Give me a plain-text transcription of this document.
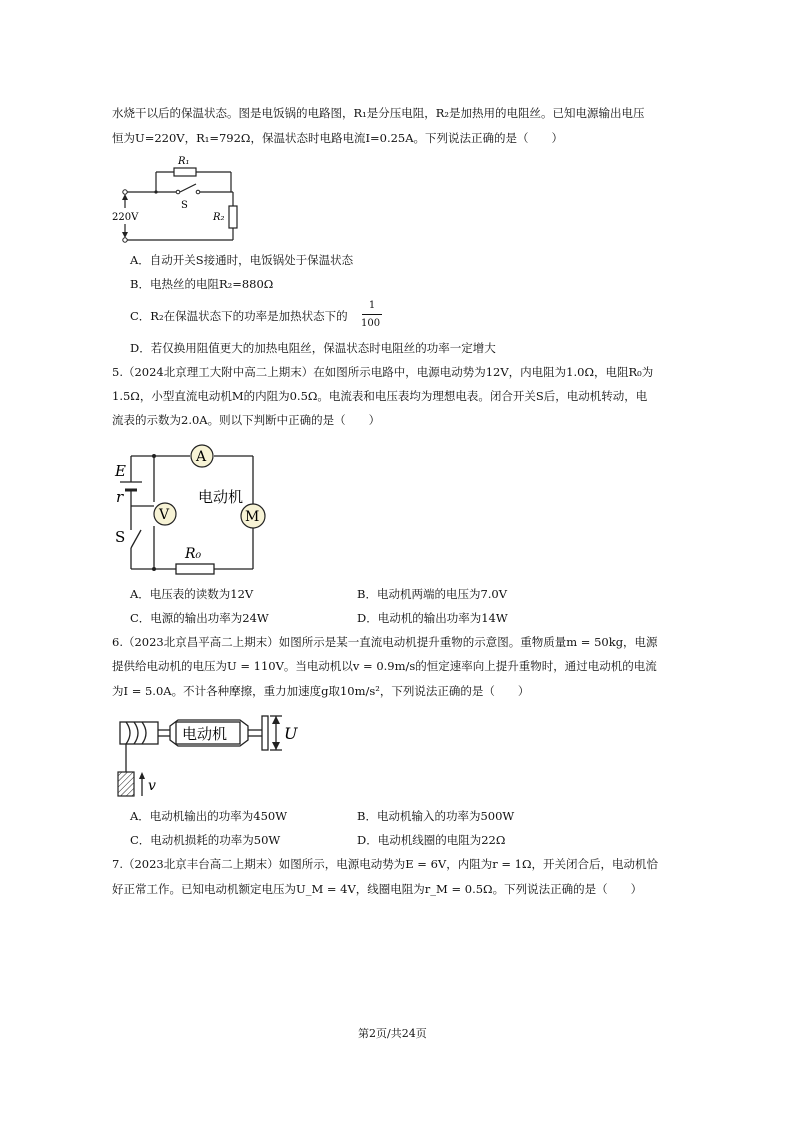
水烧干以后的保温状态。图是电饭锅的电路图，R₁是分压电阻，R₂是加热用的电阻丝。已知电源输出电压
恒为U=220V，R₁=792Ω，保温状态时电路电流I=0.25A。下列说法正确的是（　　）
R₁
S
R₂
220V
A．自动开关S接通时，电饭锅处于保温状态
B．电热丝的电阻R₂=880Ω
C．R₂在保温状态下的功率是加热状态下的
1
100
D．若仅换用阻值更大的加热电阻丝，保温状态时电阻丝的功率一定增大
5.（2024北京理工大附中高二上期末）在如图所示电路中，电源电动势为12V，内电阻为1.0Ω，电阻R₀为
1.5Ω，小型直流电动机M的内阻为0.5Ω。电流表和电压表均为理想电表。闭合开关S后，电动机转动，电
流表的示数为2.0A。则以下判断中正确的是（　　）
A
V	M
电动机
E
r
S
R₀
A．电压表的读数为12V	B．电动机两端的电压为7.0V
C．电源的输出功率为24W	D．电动机的输出功率为14W
6.（2023北京昌平高二上期末）如图所示是某一直流电动机提升重物的示意图。重物质量m = 50kg，电源
提供给电动机的电压为U = 110V。当电动机以v = 0.9m/s的恒定速率向上提升重物时，通过电动机的电流
为I = 5.0A。不计各种摩擦，重力加速度g取10m/s²，下列说法正确的是（　　）
电动机	U
v
A．电动机输出的功率为450W	B．电动机输入的功率为500W
C．电动机损耗的功率为50W	D．电动机线圈的电阻为22Ω
7.（2023北京丰台高二上期末）如图所示，电源电动势为E = 6V，内阻为r = 1Ω，开关闭合后，电动机恰
好正常工作。已知电动机额定电压为U_M = 4V，线圈电阻为r_M = 0.5Ω。下列说法正确的是（　　）
第2页/共24页
